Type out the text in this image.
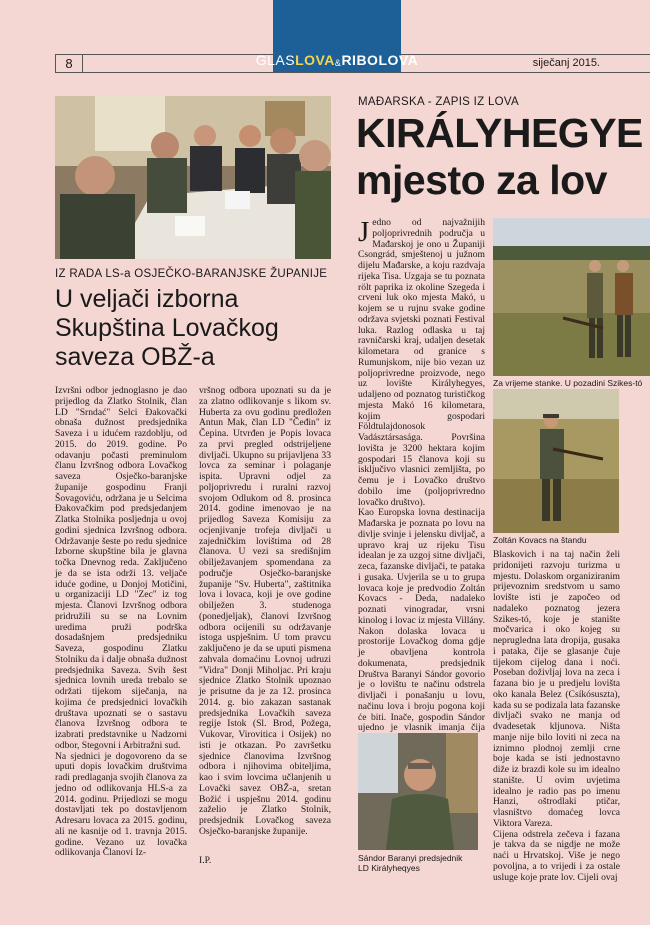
8	GLAS LOVA & RIBOLOVA	siječanj 2015.
IZ RADA LS-a OSJEČKO-BARANJSKE ŽUPANIJE
U veljači izborna
Skupština Lovačkog
saveza OBŽ-a

Izvršni odbor jednoglasno je dao prijedlog da Zlatko Stolnik, član LD "Srndać" Selci Đakovački obnaša dužnost predsjednika Saveza i u idućem razdoblju, od 2015. do 2019. godine. Po odavanju počasti preminulom članu Izvršnog odbora Lovačkog saveza Osječko-baranjske županije gospodinu Franji Šovagoviću, održana je u Selcima Đakovačkim pod predsjedanjem Zlatka Stolnika posljednja u ovoj godini sjednica Izvršnog odbora. Održavanje šeste po redu sjednice Izborne skupštine bila je glavna točka Dnevnog reda. Zaključeno je da se ista održi 13. veljače iduće godine, u Donjoj Motičini, u organizaciji LD "Zec" iz tog mjesta. Članovi Izvršnog odbora pridružili su se na Lovnim uredima pruži podrška dosadašnjem predsjedniku Saveza, gospodinu Zlatku Stolniku da i dalje obnaša dužnost predsjednika Saveza. Svih šest sjednica lovnih ureda trebalo se održati tijekom siječanja, na kojima će predsjednici lovačkih društava upoznati se o sastavu članova Izvršnog odbora te izabrati predstavnike u Nadzorni odbor, Stegovni i Arbitražni sud.

Na sjednici je dogovoreno da se uputi dopis lovačkim društvima radi predlaganja svojih članova za jedno od odlikovanja HLS-a za 2014. godinu. Prijedlozi se mogu dostavljati tek po dostavljenom Adresaru lovaca za 2015. godinu, ali ne kasnije od 1. travnja 2015. godine. Vezano uz lovačka odlikovanja Članovi Iz-

vršnog odbora upoznati su da je za zlatno odlikovanje s likom sv. Huberta za ovu godinu predložen Antun Mak, član LD "Čeđin" iz Čepina. Utvrđen je Popis lovaca za prvi pregled odstrijeljene divljači. Ukupno su prijavljena 33 lovca za seminar i polaganje ispita. Upravni odjel za poljoprivredu i ruralni razvoj svojom Odlukom od 8. prosinca 2014. godine imenovao je na prijedlog Saveza Komisiju za ocjenjivanje trofeja divljači u zajedničkim lovištima od 28 članova. U vezi sa središnjim obilježavanjem spomendana za područje Osječko-baranjske županije "Sv. Huberta", zaštitnika lova i lovaca, koji je ove godine obilježen 3. studenoga (ponedjeljak), članovi Izvršnog odbora ocijenili su održavanje istoga uspješnim. U tom pravcu zaključeno je da se uputi pismena zahvala domaćinu Lovnoj udruzi "Vidra" Donji Miholjac. Pri kraju sjednice Zlatko Stolnik upoznao je prisutne da je za 12. prosinca 2014. g. bio zakazan sastanak predsjednika Lovačkih saveza regije Istok (Sl. Brod, Požega, Vukovar, Virovitica i Osijek) no isti je otkazan. Po završetku sjednice članovima Izvršnog odbora i njihovima obiteljima, kao i svim lovcima učlanjenih u Lovački savez OBŽ-a, sretan Božić i uspješnu 2014. godinu zaželio je Zlatko Stolnik, predsjednik Lovačkog saveza Osječko-baranjske županije.

I.P.
MAĐARSKA - ZAPIS IZ LOVA
KIRÁLYHEGYE
mjesto za lov
J edno od najvažnijih poljoprivrednih područja u Mađarskoj je ono u Županiji Csongrád, smještenoj u južnom dijelu Mađarske, a koju razdvaja rijeka Tisa. Uzgaja se tu poznata rölt paprika iz okoline Szegeda i crveni luk oko mjesta Makó, u kojem se u rujnu svake godine održava svjetski poznati Festival luka. Razlog odlaska u tај ravničarski kraj, udaljen desetak kilometara od granice s Rumunjskom, nije bio vezan uz poljoprivredne proizvode, nego uz lovište Királyhegyes, udaljeno od poznatog turističkog mjesta Makó 16 kilometara, kojim gospodari Földtulajdonosok Vadásztársasága. Površina lovišta je 3200 hektara kojim gospodari 15 članova koji su isključivo vlasnici zemljišta, po čemu je i Lovačko društvo dobilo ime (poljoprivredno lovačko društvo).

Kao Europska lovna destinacija Mađarska je poznata po lovu na divlje svinje i jelensku divljač, a upravo kraj uz rijeku Tisu idealan je za uzgoj sitne divljači, zeca, fazanske divljači, te pataka i gusaka. Uvjerila se u to grupa lovaca koje je predvodio Zoltán Kovacs - Deda, nadaleko poznati vinogradar, vrsni kinolog i lovac iz mjesta Villány. Nakon dolaska lovaca u prostorije Lovačkog doma gdje je obavljena kontrola dokumenata, predsjednik Društva Baranyi Sándor govorio je o lovištu te načinu odstrela divljači i ponašanju u lovu, načinu lova i broju pogona koji će biti. Inače, gospodin Sándor ujedno je vlasnik imanja čija

Za vrijeme stanke. U pozadini Szikes-tó
Zoltán Kovacs na štandu

Blaskovich i na taj način želi pridonijeti razvoju turizma u mjestu. Dolaskom organiziranim prijevoznim sredstvom u samo lovište isti je započeo od nadaleko poznatog jezera Szikes-tó, koje je stanište močvarica i oko kojeg su neprugledna lata dropija, gusaka i pataka, čije se glasanje čuje tijekom cijelog dana i noći. Poseban doživljaj lova na zeca i fazana bio je u predjelu lovišta oko kanala Belez (Csíkósuszta), kada su se podizala lata fazanske divljači svako ne manja od dvadesetak kljunova. Ništa manje nije bilo loviti ni zeca na iznimno plodnoj zemlji crne boje kada se isti jednostavno diže iz brazdi kole su im idealno stanište. U ovim uvjetima idealno je radio pas po imenu Hanzi, oštrodlaki ptičar, vlasništvo domaćeg lovca Viktora Vareza.

Cijena odstrela zečeva i fazana je takva da se nigdje ne može naći u Hrvatskoj. Više je nego povoljna, a to vrijedi i za ostale usluge koje prate lov. Cijeli ovaj

Sándor Baranyi predsjednik
LD Királyheqyes
